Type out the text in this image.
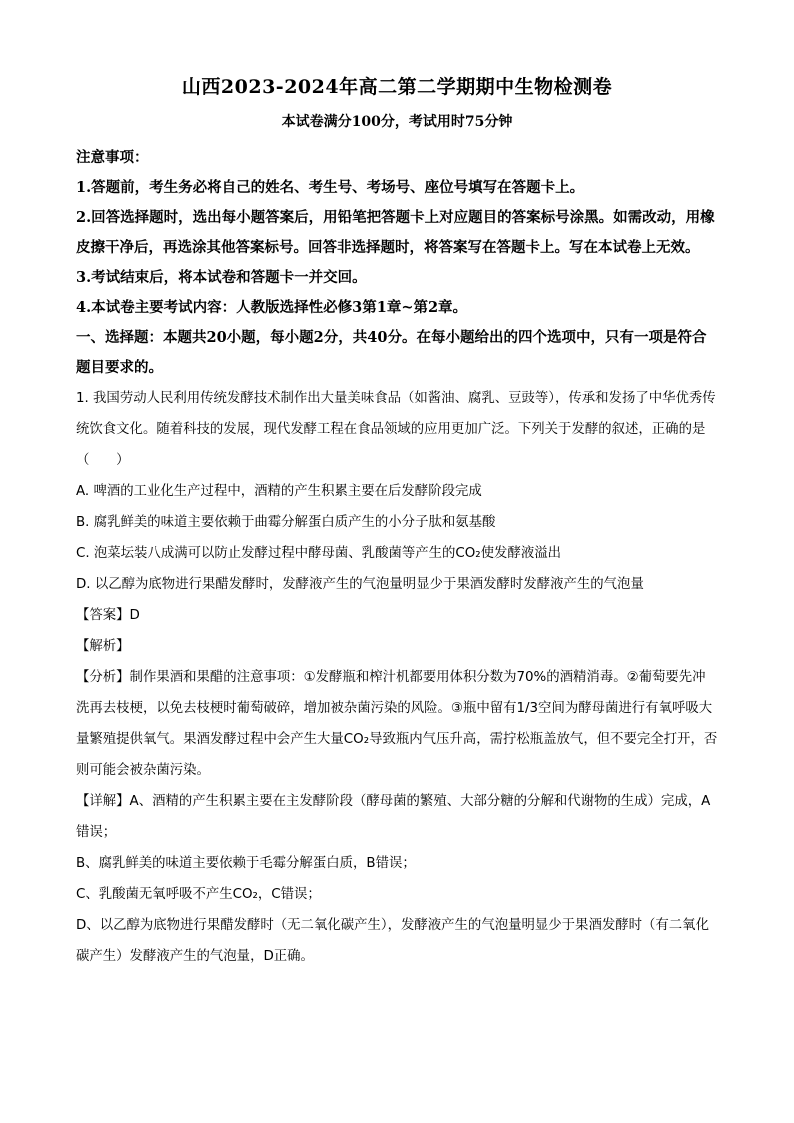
山西2023-2024年高二第二学期期中生物检测卷

本试卷满分100分，考试用时75分钟

注意事项：

1.答题前，考生务必将自己的姓名、考生号、考场号、座位号填写在答题卡上。

2.回答选择题时，选出每小题答案后，用铅笔把答题卡上对应题目的答案标号涂黑。如需改动，用橡皮擦干净后，再选涂其他答案标号。回答非选择题时，将答案写在答题卡上。写在本试卷上无效。

3.考试结束后，将本试卷和答题卡一并交回。

4.本试卷主要考试内容：人教版选择性必修3第1章~第2章。

一、选择题：本题共20小题，每小题2分，共40分。在每小题给出的四个选项中，只有一项是符合题目要求的。

1. 我国劳动人民利用传统发酵技术制作出大量美味食品（如酱油、腐乳、豆豉等），传承和发扬了中华优秀传统饮食文化。随着科技的发展，现代发酵工程在食品领域的应用更加广泛。下列关于发酵的叙述，正确的是（　　）

A. 啤酒的工业化生产过程中，酒精的产生积累主要在后发酵阶段完成

B. 腐乳鲜美的味道主要依赖于曲霉分解蛋白质产生的小分子肽和氨基酸

C. 泡菜坛装八成满可以防止发酵过程中酵母菌、乳酸菌等产生的CO₂使发酵液溢出

D. 以乙醇为底物进行果醋发酵时，发酵液产生的气泡量明显少于果酒发酵时发酵液产生的气泡量

【答案】D

【解析】

【分析】制作果酒和果醋的注意事项：①发酵瓶和榨汁机都要用体积分数为70%的酒精消毒。②葡萄要先冲洗再去枝梗，以免去枝梗时葡萄破碎，增加被杂菌污染的风险。③瓶中留有1/3空间为酵母菌进行有氧呼吸大量繁殖提供氧气。果酒发酵过程中会产生大量CO₂导致瓶内气压升高，需拧松瓶盖放气，但不要完全打开，否则可能会被杂菌污染。

【详解】A、酒精的产生积累主要在主发酵阶段（酵母菌的繁殖、大部分糖的分解和代谢物的生成）完成，A错误；

B、腐乳鲜美的味道主要依赖于毛霉分解蛋白质，B错误；

C、乳酸菌无氧呼吸不产生CO₂，C错误；

D、以乙醇为底物进行果醋发酵时（无二氧化碳产生），发酵液产生的气泡量明显少于果酒发酵时（有二氧化碳产生）发酵液产生的气泡量，D正确。
